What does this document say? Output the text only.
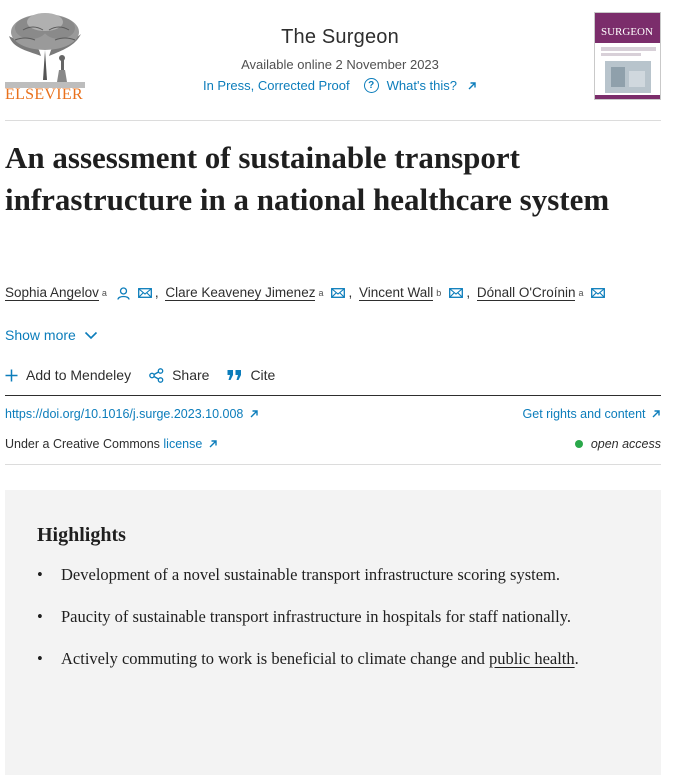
ELSEVIER
The Surgeon
Available online 2 November 2023
In Press, Corrected Proof	? What's this?
SURGEON
An assessment of sustainable transport infrastructure in a national healthcare system
Sophia Angelov a	, Clare Keaveney Jimenez a , Vincent Wall b , Dónall O'Croínin a
Show more
Add to Mendeley	Share	Cite
https://doi.org/10.1016/j.surge.2023.10.008	Get rights and content
Under a Creative Commons license	open access
Highlights
• Development of a novel sustainable transport infrastructure scoring system.
• Paucity of sustainable transport infrastructure in hospitals for staff nationally.
• Actively commuting to work is beneficial to climate change and public health.
